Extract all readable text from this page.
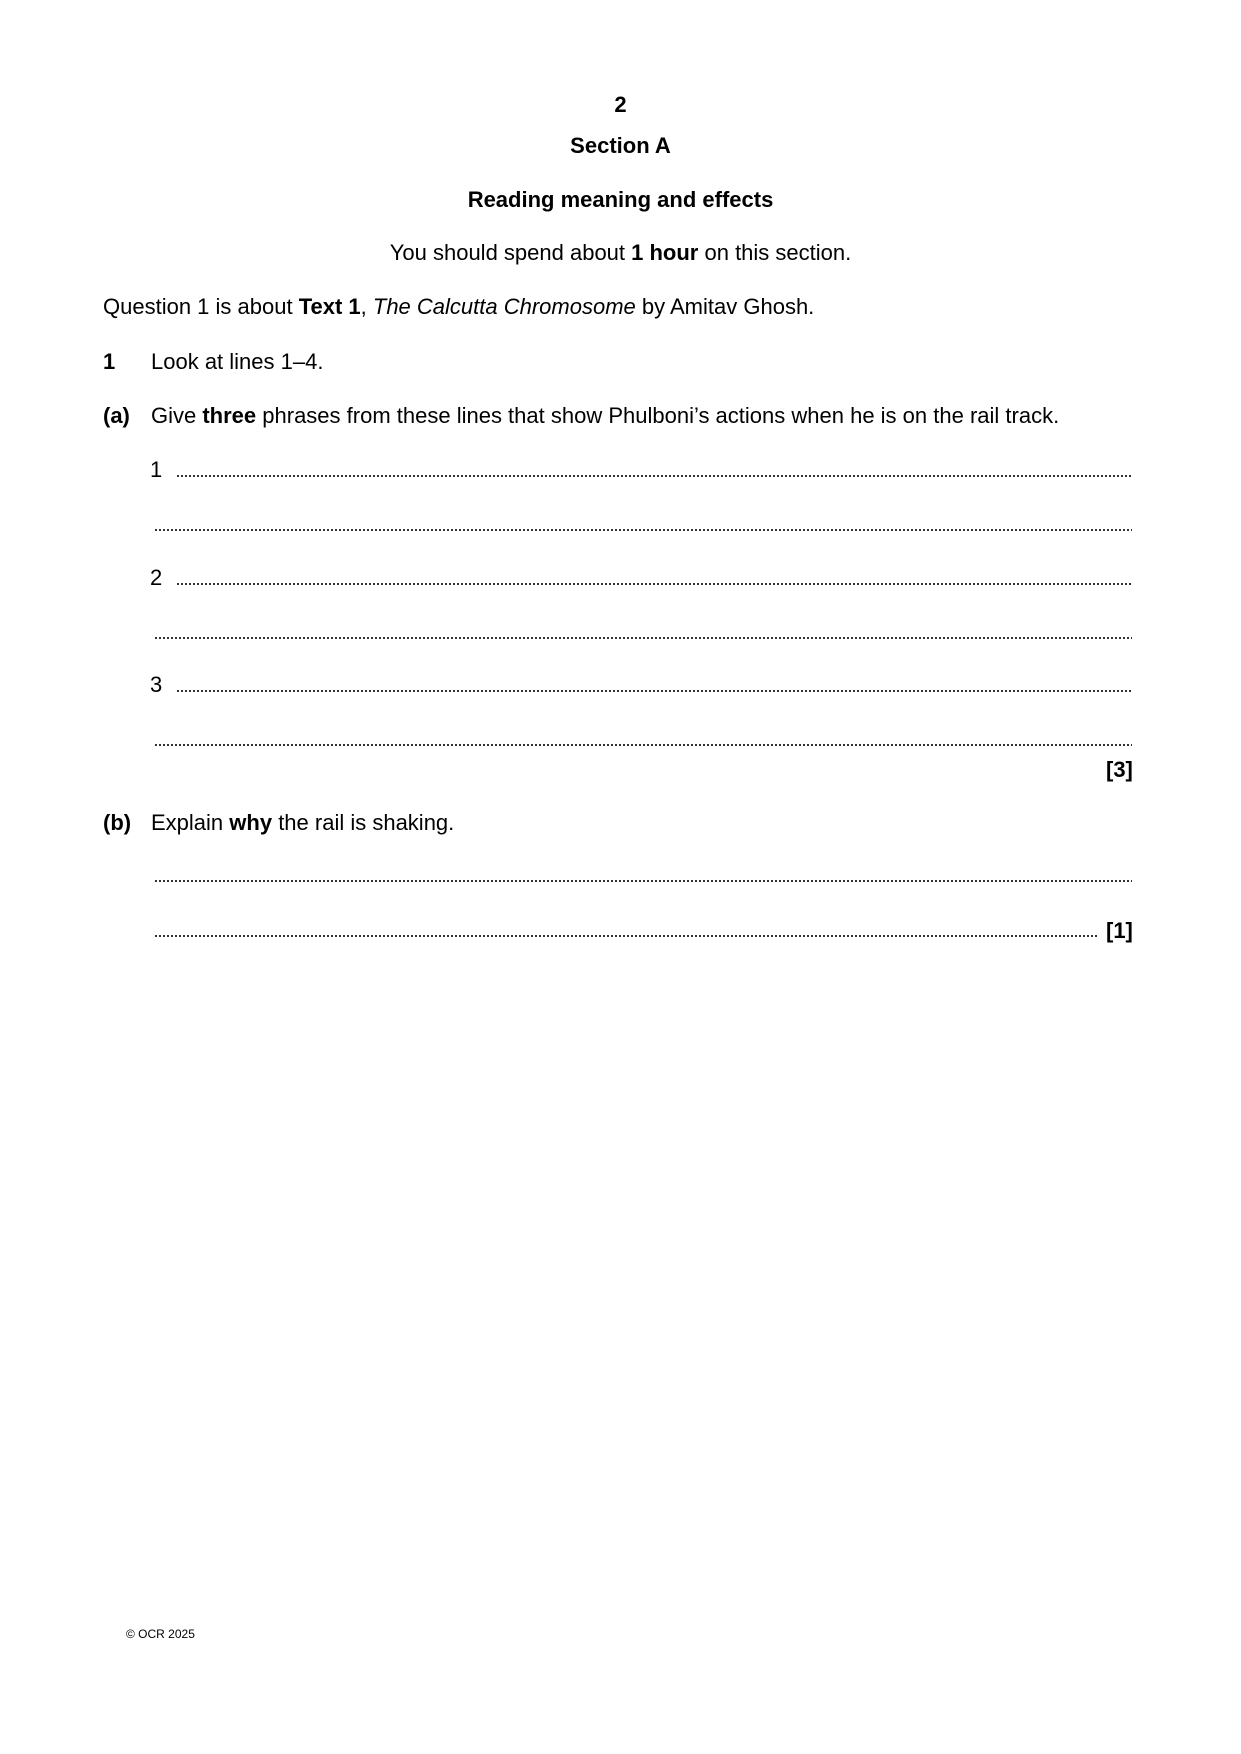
2
Section A
Reading meaning and effects
You should spend about 1 hour on this section.
Question 1 is about Text 1, The Calcutta Chromosome by Amitav Ghosh.
1 Look at lines 1–4.
(a) Give three phrases from these lines that show Phulboni’s actions when he is on the rail track.
1
2
3
[3]
(b) Explain why the rail is shaking.
[1]
© OCR 2025
